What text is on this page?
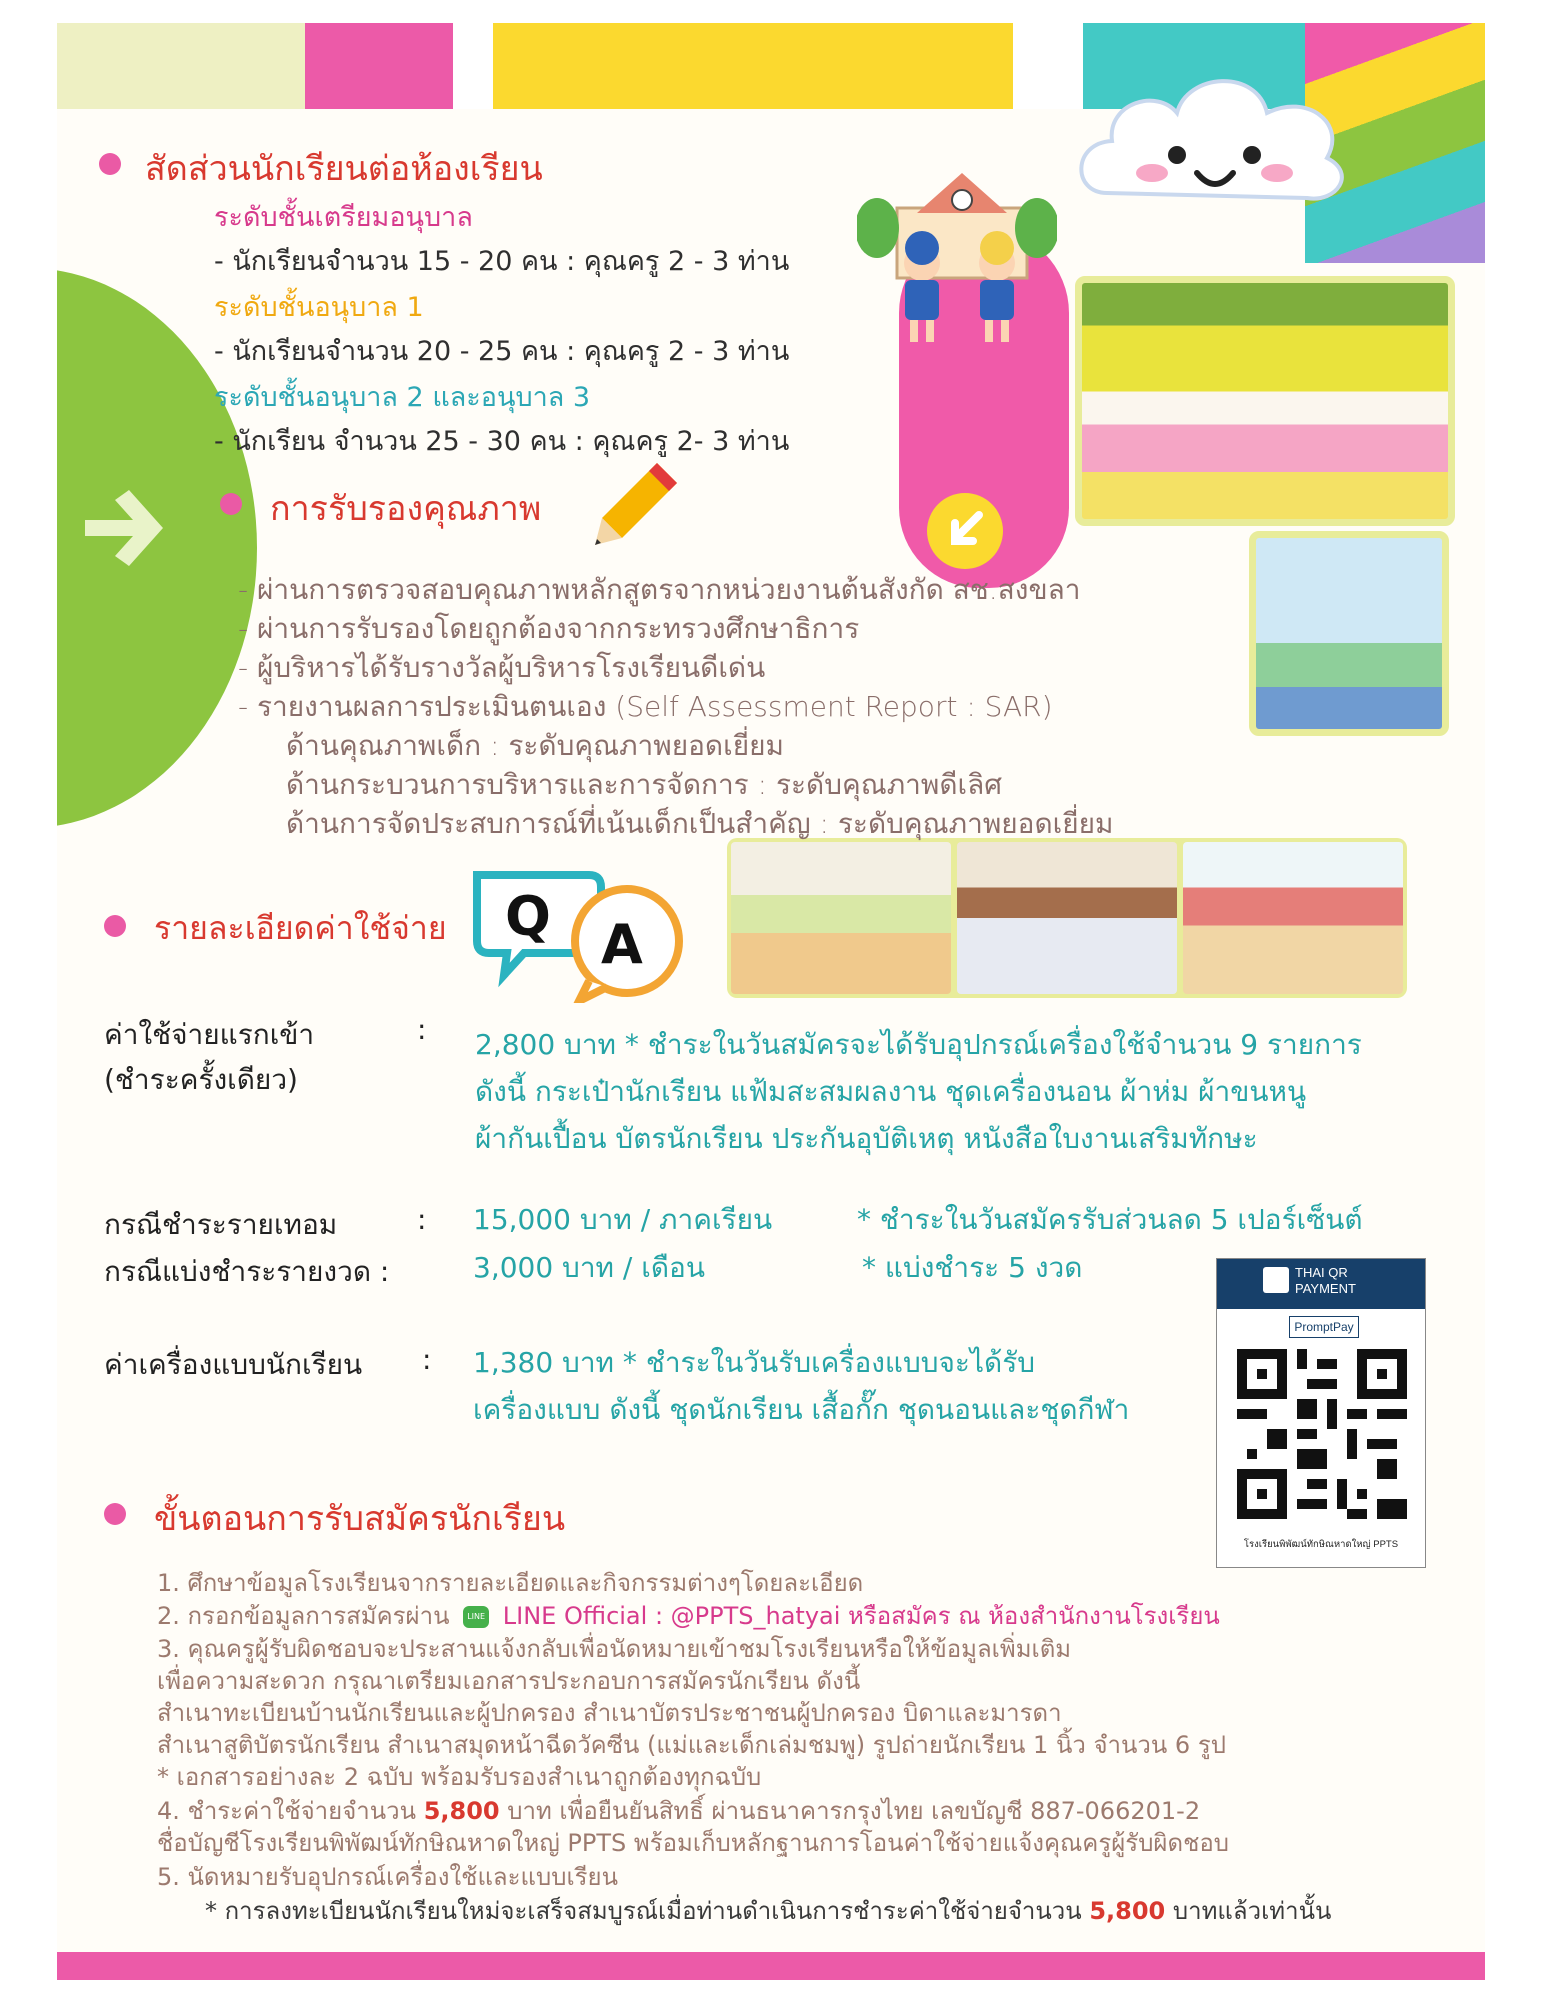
สัดส่วนนักเรียนต่อห้องเรียน
ระดับชั้นเตรียมอนุบาล
- นักเรียนจำนวน 15 - 20 คน : คุณครู 2 - 3 ท่าน
ระดับชั้นอนุบาล 1
- นักเรียนจำนวน 20 - 25 คน : คุณครู 2 - 3 ท่าน
ระดับชั้นอนุบาล 2 และอนุบาล 3
- นักเรียน จำนวน 25 - 30 คน : คุณครู 2- 3 ท่าน
การรับรองคุณภาพ
- ผ่านการตรวจสอบคุณภาพหลักสูตรจากหน่วยงานต้นสังกัด สช.สงขลา
- ผ่านการรับรองโดยถูกต้องจากกระทรวงศึกษาธิการ
- ผู้บริหารได้รับรางวัลผู้บริหารโรงเรียนดีเด่น
- รายงานผลการประเมินตนเอง (Self Assessment Report : SAR)
ด้านคุณภาพเด็ก : ระดับคุณภาพยอดเยี่ยม
ด้านกระบวนการบริหารและการจัดการ : ระดับคุณภาพดีเลิศ
ด้านการจัดประสบการณ์ที่เน้นเด็กเป็นสำคัญ : ระดับคุณภาพยอดเยี่ยม
รายละเอียดค่าใช้จ่าย Q A
ค่าใช้จ่ายแรกเข้า
(ชำระครั้งเดียว)
: 2,800 บาท * ชำระในวันสมัครจะได้รับอุปกรณ์เครื่องใช้จำนวน 9 รายการ
ดังนี้ กระเป๋านักเรียน แฟ้มสะสมผลงาน ชุดเครื่องนอน ผ้าห่ม ผ้าขนหนู
ผ้ากันเปื้อน บัตรนักเรียน ประกันอุบัติเหตุ หนังสือใบงานเสริมทักษะ
กรณีชำระรายเทอม	: 15,000 บาท / ภาคเรียน	* ชำระในวันสมัครรับส่วนลด 5 เปอร์เซ็นต์
กรณีแบ่งชำระรายงวด :	3,000 บาท / เดือน	* แบ่งชำระ 5 งวด
ค่าเครื่องแบบนักเรียน : 1,380 บาท * ชำระในวันรับเครื่องแบบจะได้รับ
เครื่องแบบ ดังนี้ ชุดนักเรียน เสื้อกั๊ก ชุดนอนและชุดกีฬา
THAI QR
PAYMENT
PromptPay
โรงเรียนพิพัฒน์ทักษิณหาดใหญ่ PPTS
ขั้นตอนการรับสมัครนักเรียน
1. ศึกษาข้อมูลโรงเรียนจากรายละเอียดและกิจกรรมต่างๆโดยละเอียด
2. กรอกข้อมูลการสมัครผ่าน LINE LINE Official : @PPTS_hatyai หรือสมัคร ณ ห้องสำนักงานโรงเรียน
3. คุณครูผู้รับผิดชอบจะประสานแจ้งกลับเพื่อนัดหมายเข้าชมโรงเรียนหรือให้ข้อมูลเพิ่มเติม
เพื่อความสะดวก กรุณาเตรียมเอกสารประกอบการสมัครนักเรียน ดังนี้
สำเนาทะเบียนบ้านนักเรียนและผู้ปกครอง สำเนาบัตรประชาชนผู้ปกครอง บิดาและมารดา
สำเนาสูติบัตรนักเรียน สำเนาสมุดหน้าฉีดวัคซีน (แม่และเด็กเล่มชมพู) รูปถ่ายนักเรียน 1 นิ้ว จำนวน 6 รูป
* เอกสารอย่างละ 2 ฉบับ พร้อมรับรองสำเนาถูกต้องทุกฉบับ
4. ชำระค่าใช้จ่ายจำนวน 5,800 บาท เพื่อยืนยันสิทธิ์ ผ่านธนาคารกรุงไทย เลขบัญชี 887-066201-2
ชื่อบัญชีโรงเรียนพิพัฒน์ทักษิณหาดใหญ่ PPTS พร้อมเก็บหลักฐานการโอนค่าใช้จ่ายแจ้งคุณครูผู้รับผิดชอบ
5. นัดหมายรับอุปกรณ์เครื่องใช้และแบบเรียน
* การลงทะเบียนนักเรียนใหม่จะเสร็จสมบูรณ์เมื่อท่านดำเนินการชำระค่าใช้จ่ายจำนวน 5,800 บาทแล้วเท่านั้น
